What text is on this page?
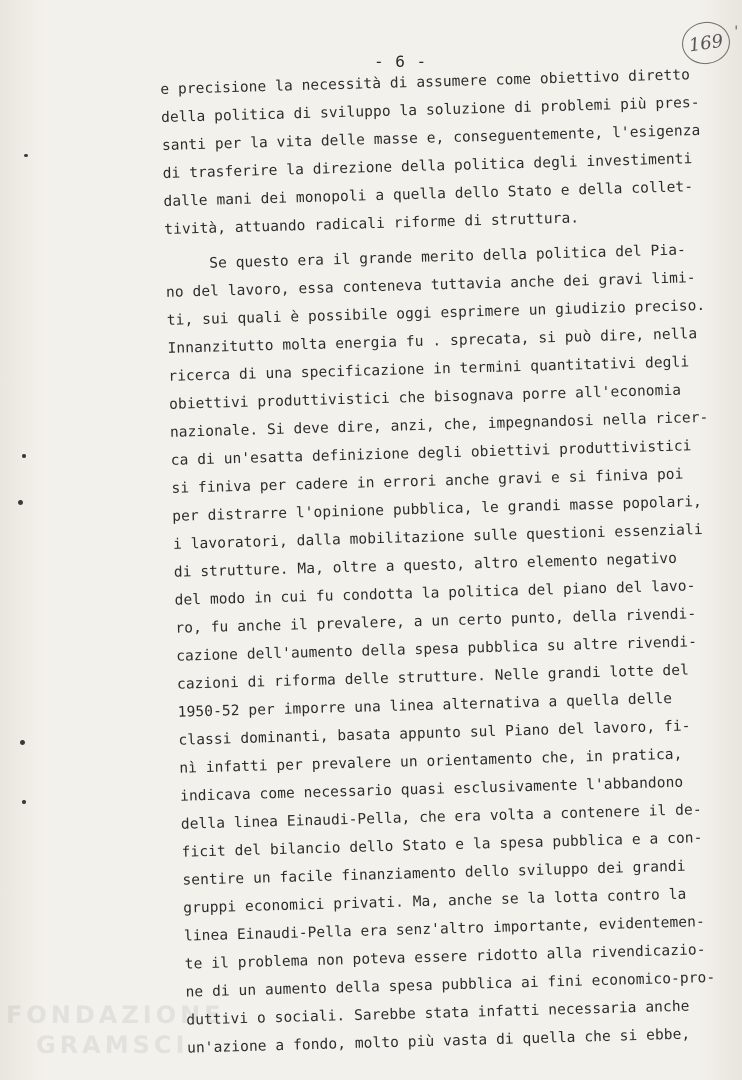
- 6 -
169 '
e precisione la necessità di assumere come obiettivo diretto
della politica di sviluppo la soluzione di problemi più pres-
santi per la vita delle masse e, conseguentemente, l'esigenza
di trasferire la direzione della politica degli investimenti
dalle mani dei monopoli a quella dello Stato e della collet-
tività, attuando radicali riforme di struttura.
Se questo era il grande merito della politica del Pia-
no del lavoro, essa conteneva tuttavia anche dei gravi limi-
ti, sui quali è possibile oggi esprimere un giudizio preciso.
Innanzitutto molta energia fu . sprecata, si può dire, nella
ricerca di una specificazione in termini quantitativi degli
obiettivi produttivistici che bisognava porre all'economia
nazionale. Si deve dire, anzi, che, impegnandosi nella ricer-
ca di un'esatta definizione degli obiettivi produttivistici
si finiva per cadere in errori anche gravi e si finiva poi
per distrarre l'opinione pubblica, le grandi masse popolari,
i lavoratori, dalla mobilitazione sulle questioni essenziali
di strutture. Ma, oltre a questo, altro elemento negativo
del modo in cui fu condotta la politica del piano del lavo-
ro, fu anche il prevalere, a un certo punto, della rivendi-
cazione dell'aumento della spesa pubblica su altre rivendi-
cazioni di riforma delle strutture. Nelle grandi lotte del
1950-52 per imporre una linea alternativa a quella delle
classi dominanti, basata appunto sul Piano del lavoro, fi-
nì infatti per prevalere un orientamento che, in pratica,
indicava come necessario quasi esclusivamente l'abbandono
della linea Einaudi-Pella, che era volta a contenere il de-
ficit del bilancio dello Stato e la spesa pubblica e a con-
sentire un facile finanziamento dello sviluppo dei grandi
gruppi economici privati. Ma, anche se la lotta contro la
linea Einaudi-Pella era senz'altro importante, evidentemen-
te il problema non poteva essere ridotto alla rivendicazio-
ne di un aumento della spesa pubblica ai fini economico-pro-
duttivi o sociali. Sarebbe stata infatti necessaria anche
un'azione a fondo, molto più vasta di quella che si ebbe,
FONDAZIONE
GRAMSCI
